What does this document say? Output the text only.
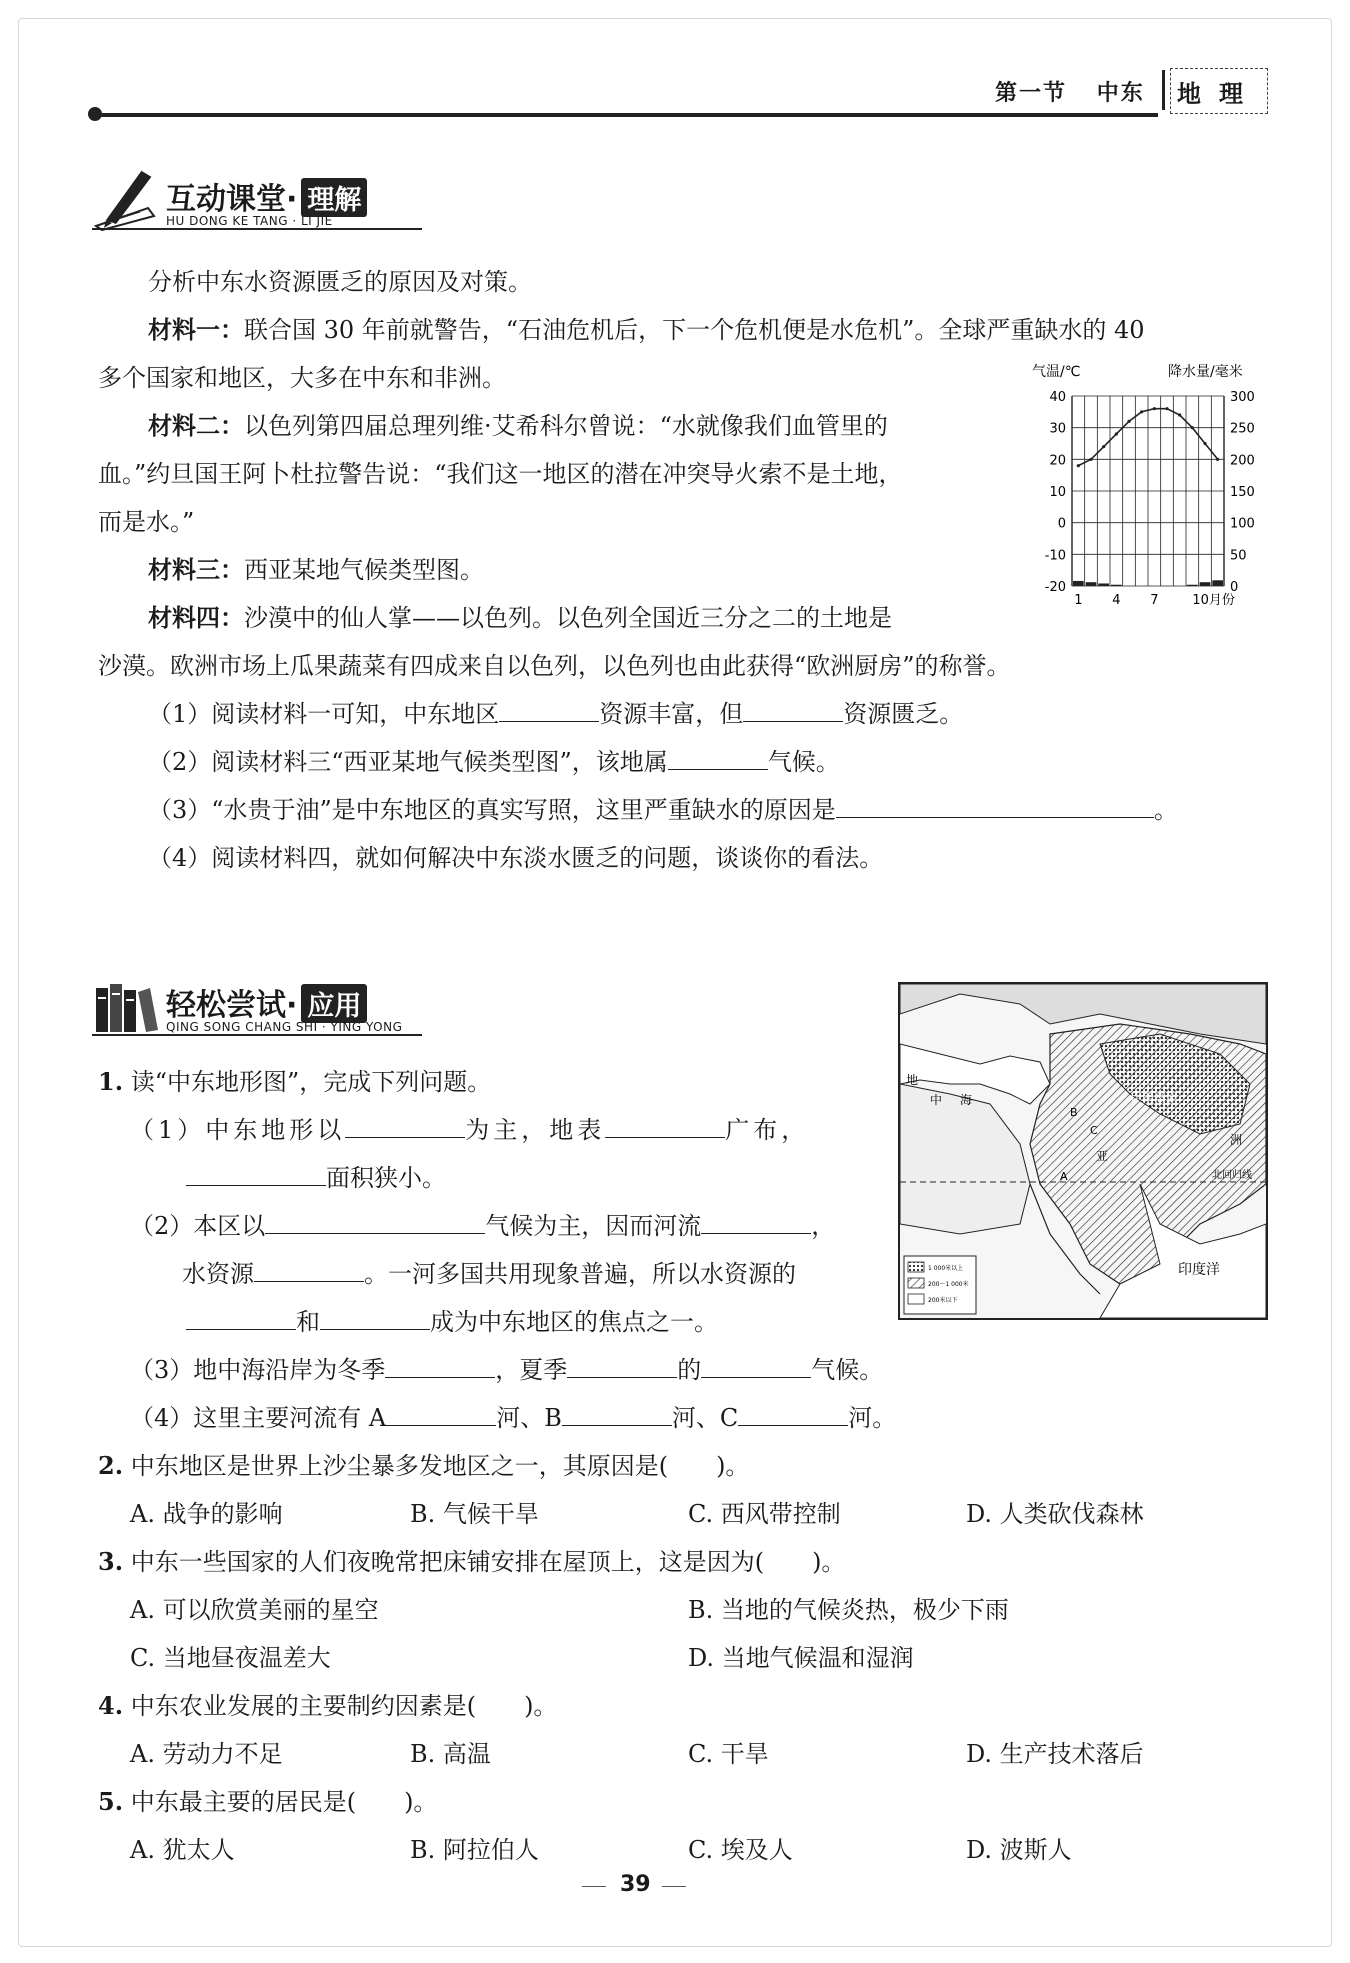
第一节 中东	地理
互动课堂· 理解
HU DONG KE TANG · LI JIE
分析中东水资源匮乏的原因及对策。
材料一：联合国 30 年前就警告，“石油危机后，下一个危机便是水危机”。全球严重缺水的 40
多个国家和地区，大多在中东和非洲。
材料二：以色列第四届总理列维·艾希科尔曾说：“水就像我们血管里的
血。”约旦国王阿卜杜拉警告说：“我们这一地区的潜在冲突导火索不是土地，
而是水。”
材料三：西亚某地气候类型图。
材料四：沙漠中的仙人掌——以色列。以色列全国近三分之二的土地是
沙漠。欧洲市场上瓜果蔬菜有四成来自以色列，以色列也由此获得“欧洲厨房”的称誉。
（1）阅读材料一可知，中东地区	资源丰富，但	资源匮乏。
（2）阅读材料三“西亚某地气候类型图”，该地属	气候。
（3）“水贵于油”是中东地区的真实写照，这里严重缺水的原因是	。
（4）阅读材料四，就如何解决中东淡水匮乏的问题，谈谈你的看法。
气温/℃	降水量/毫米
40	300
30	250
20	200
10	150
0	100
-10	50
-20	0
1 4 7	10月份
轻松尝试· 应用
QING SONG CHANG SHI · YING YONG
1. 读“中东地形图”，完成下列问题。
（1）中东地形以	为主，地表	广布，
面积狭小。
（2）本区以	气候为主，因而河流	，
水资源	。一河多国共用现象普遍，所以水资源的
和	成为中东地区的焦点之一。
（3）地中海沿岸为冬季	，夏季	的	气候。
（4）这里主要河流有 A	河、B	河、C	河。
2. 中东地区是世界上沙尘暴多发地区之一，其原因是(　　)。
A. 战争的影响	B. 气候干旱	C. 西风带控制	D. 人类砍伐森林
3. 中东一些国家的人们夜晚常把床铺安排在屋顶上，这是因为(　　)。
A. 可以欣赏美丽的星空	B. 当地的气候炎热，极少下雨
C. 当地昼夜温差大	D. 当地气候温和湿润
4. 中东农业发展的主要制约因素是(　　)。
A. 劳动力不足	B. 高温	C. 干旱	D. 生产技术落后
5. 中东最主要的居民是(　　)。
A. 犹太人	B. 阿拉伯人	C. 埃及人	D. 波斯人
地
中 海	伊朗高原
B
亚
C
A
洲
北回归线
印度洋
1 000米以上
200～1 000米
200米以下
39
